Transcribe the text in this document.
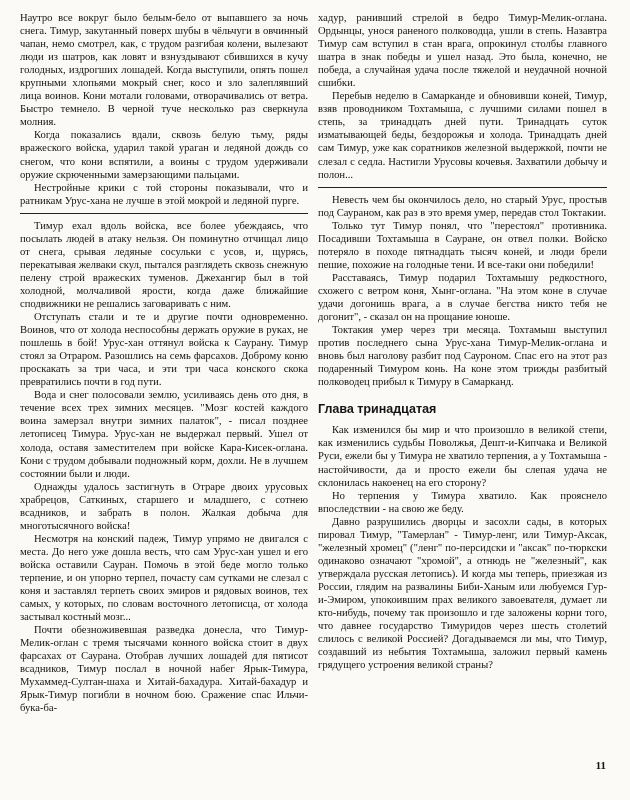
Наутро все вокруг было белым-бело от выпавшего за ночь снега. Тимур, закутанный поверх шубы в чёльчуги в овчинный чапан, немо смотрел, как, с трудом разгибая колени, вылезают люди из шатров, как ловят и взнуздывают сбившихся в кучу голодных, издрогших лошадей. Когда выступили, опять пошел крупными хлопьями мокрый снег, косо и зло залеплявший лица воинов. Кони мотали головами, отворачивались от ветра. Быстро темнело. В черной туче несколько раз сверкнула молния.

Когда показались вдали, сквозь белую тьму, ряды вражеского войска, ударил такой ураган и ледяной дождь со снегом, что кони вспятили, а воины с трудом удерживали оружие скрюченными замерзающими пальцами.

Нестройные крики с той стороны показывали, что и ратникам Урус-хана не лучше в этой мокрой и ледяной пурге.

Тимур ехал вдоль войска, все более убеждаясь, что посылать людей в атаку нельзя. Он поминутно отчищал лицо от снега, срывая ледяные сосульки с усов, и, щурясь, перекатывая желваки скул, пытался разглядеть сквозь снежную пелену строй вражеских туменов. Джехангир был в той холодной, молчаливой ярости, когда даже ближайшие сподвижники не решались заговаривать с ним.

Отступать стали и те и другие почти одновременно. Воинов, что от холода неспособны держать оружие в руках, не пошлешь в бой! Урус-хан оттянул войска к Саурану. Тимур стоял за Отраром. Разошлись на семь фарсахов. Доброму коню проскакать за три часа, и эти три часа конского скока превратились почти в год пути.

Вода и снег полосовали землю, усиливаясь день ото дня, в течение всех трех зимних месяцев. "Мозг костей каждого воина замерзал внутри зимних палаток", - писал позднее летописец Тимура. Урус-хан не выдержал первый. Ушел от холода, оставя заместителем при войске Кара-Кисек-оглана. Кони с трудом добывали подножный корм, дохли. Не в лучшем состоянии были и люди.

Однажды удалось застигнуть в Отраре двоих урусовых храбрецов, Саткиных, старшего и младшего, с сотнею всадников, и забрать в полон. Жалкая добыча для многотысячного войска!

Несмотря на конский падеж, Тимур упрямо не двигался с места. До него уже дошла весть, что сам Урус-хан ушел и его войска оставили Сауран. Помочь в этой беде могло только терпение, и он упорно терпел, почасту сам сутками не слезал с коня и заставлял терпеть своих эмиров и рядовых воинов, тех самых, у которых, по словам восточного летописца, от холода застывал костный мозг...

Почти обезноживевшая разведка донесла, что Тимур-Мелик-оглан с тремя тысячами конного войска стоит в двух фарсахах от Саурана. Отобрав лучших лошадей для пятисот всадников, Тимур послал в ночной набег Ярык-Тимура, Мухаммед-Султан-шаха и Хитай-бахадура. Хитай-бахадур и Ярык-Тимур погибли в ночном бою. Сражение спас Ильчи-бука-ба-

хадур, ранивший стрелой в бедро Тимур-Мелик-оглана. Ордынцы, унося раненого полководца, ушли в степь. Назавтра Тимур сам вступил в стан врага, опрокинул столбы главного шатра в знак победы и ушел назад. Это была, конечно, не победа, а случайная удача после тяжелой и неудачной ночной сшибки.

Перебыв неделю в Самарканде и обновивши коней, Тимур, взяв проводником Тохтамыша, с лучшими силами пошел в степь, за тринадцать дней пути. Тринадцать суток изматывающей беды, бездорожья и холода. Тринадцать дней сам Тимур, уже как соратников железной выдержкой, почти не слезал с седла. Настигли Урусовы кочевья. Захватили добычу и полон...

Невесть чем бы окончилось дело, но старый Урус, простыв под Саураном, как раз в это время умер, передав стол Токтакии.

Только тут Тимур понял, что "перестоял" противника. Посадивши Тохтамыша в Сауране, он отвел полки. Войско потеряло в походе пятнадцать тысяч коней, и люди брели пешие, похожие на голодные тени. И все-таки они победили!

Расставаясь, Тимур подарил Тохтамышу редкостного, схожего с ветром коня, Хынг-оглана. "На этом коне в случае удачи догонишь врага, а в случае бегства никто тебя не догонит", - сказал он на прощание юноше.

Токтакия умер через три месяца. Тохтамыш выступил против последнего сына Урус-хана Тимур-Мелик-оглана и вновь был наголову разбит под Сауроном. Спас его на этот раз подаренный Тимуром конь. На коне этом трижды разбитый полководец прибыл к Тимуру в Самарканд.

Глава тринадцатая

Как изменился бы мир и что произошло в великой степи, как изменились судьбы Поволжья, Дешт-и-Кипчака и Великой Руси, ежели бы у Тимура не хватило терпения, а у Тохтамыша - настойчивости, да и просто ежели бы слепая удача не склонилась накоенец на его сторону?

Но терпения у Тимура хватило. Как прояснело впоследствии - на свою же беду.

Давно разрушились дворцы и засохли сады, в которых пировал Тимур, "Тамерлан" - Тимур-ленг, или Тимур-Аксак, "железный хромец" ("ленг" по-персидски и "аксак" по-тюркски одинаково означают "хромой", а отнюдь не "железный", как утверждала русская летопись). И когда мы теперь, приезжая из России, глядим на развалины Биби-Ханым или любуемся Гур-и-Эмиром, упокоившим прах великого завоевателя, думает ли кто-нибудь, почему так произошло и где заложены корни того, что давнее государство Тимуридов через шесть столетий слилось с великой Россией? Догадываемся ли мы, что Тимур, создавший из небытия Тохтамыша, заложил первый камень грядущего устроения великой страны?

11
